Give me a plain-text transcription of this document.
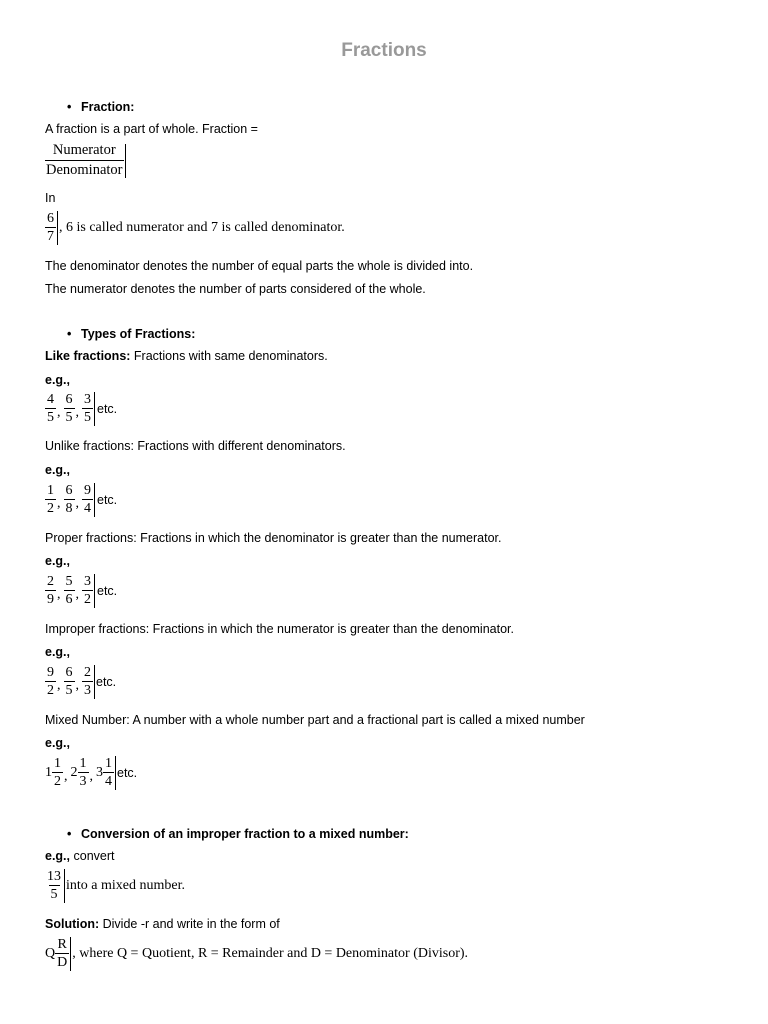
Fractions
• Fraction:
A fraction is a part of whole. Fraction =
$\frac{\text{Numerator}}{\text{Denominator}}$
In
$\frac{6}{7}$ , 6 is called numerator and 7 is called denominator.
The denominator denotes the number of equal parts the whole is divided into.
The numerator denotes the number of parts considered of the whole.
• Types of Fractions:
Like fractions: Fractions with same denominators.
e.g.,
$\frac{4}{5}$ , $\frac{6}{5}$ , $\frac{3}{5}$ etc.
Unlike fractions: Fractions with different denominators.
e.g.,
$\frac{1}{2}$ , $\frac{6}{8}$ , $\frac{9}{4}$ etc.
Proper fractions: Fractions in which the denominator is greater than the numerator.
e.g.,
$\frac{2}{9}$ , $\frac{5}{6}$ , $\frac{3}{2}$ etc.
Improper fractions: Fractions in which the numerator is greater than the denominator.
e.g.,
$\frac{9}{2}$ , $\frac{6}{5}$ , $\frac{2}{3}$ etc.
Mixed Number: A number with a whole number part and a fractional part is called a mixed number
e.g.,
$1 \frac{1}{2}$ , $2 \frac{1}{3}$ , $3 \frac{1}{4}$ etc.
• Conversion of an improper fraction to a mixed number:
e.g., convert
$\frac{13}{5}$ into a mixed number.
Solution: Divide -r and write in the form of
Q $\frac{R}{D}$ , where Q = Quotient, R = Remainder and D = Denominator (Divisor).
